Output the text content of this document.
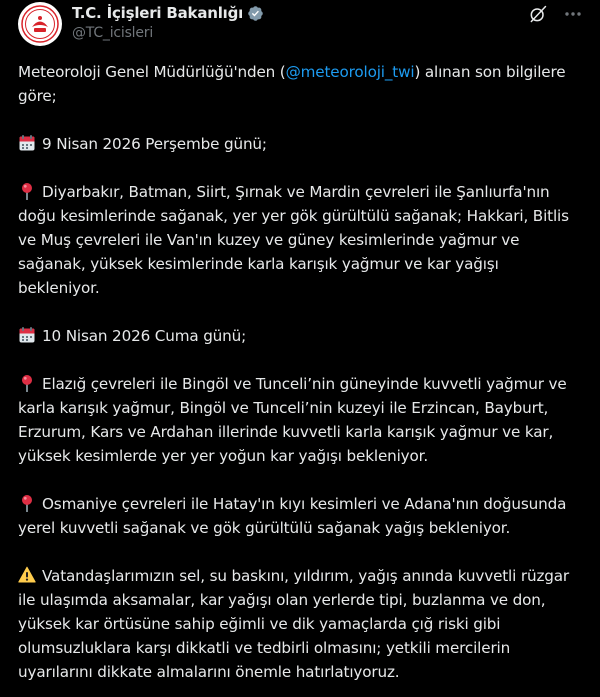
T.C. İçişleri Bakanlığı
@TC_icisleri

Meteoroloji Genel Müdürlüğü'nden (@meteoroloji_twi) alınan son bilgilere göre;

9 Nisan 2026 Perşembe günü;

Diyarbakır, Batman, Siirt, Şırnak ve Mardin çevreleri ile Şanlıurfa'nın doğu kesimlerinde sağanak, yer yer gök gürültülü sağanak; Hakkari, Bitlis ve Muş çevreleri ile Van'ın kuzey ve güney kesimlerinde yağmur ve sağanak, yüksek kesimlerinde karla karışık yağmur ve kar yağışı bekleniyor.

10 Nisan 2026 Cuma günü;

Elazığ çevreleri ile Bingöl ve Tunceli’nin güneyinde kuvvetli yağmur ve karla karışık yağmur, Bingöl ve Tunceli’nin kuzeyi ile Erzincan, Bayburt, Erzurum, Kars ve Ardahan illerinde kuvvetli karla karışık yağmur ve kar, yüksek kesimlerde yer yer yoğun kar yağışı bekleniyor.

Osmaniye çevreleri ile Hatay'ın kıyı kesimleri ve Adana'nın doğusunda yerel kuvvetli sağanak ve gök gürültülü sağanak yağış bekleniyor.

Vatandaşlarımızın sel, su baskını, yıldırım, yağış anında kuvvetli rüzgar ile ulaşımda aksamalar, kar yağışı olan yerlerde tipi, buzlanma ve don, yüksek kar örtüsüne sahip eğimli ve dik yamaçlarda çığ riski gibi olumsuzluklara karşı dikkatli ve tedbirli olmasını; yetkili mercilerin uyarılarını dikkate almalarını önemle hatırlatıyoruz.
